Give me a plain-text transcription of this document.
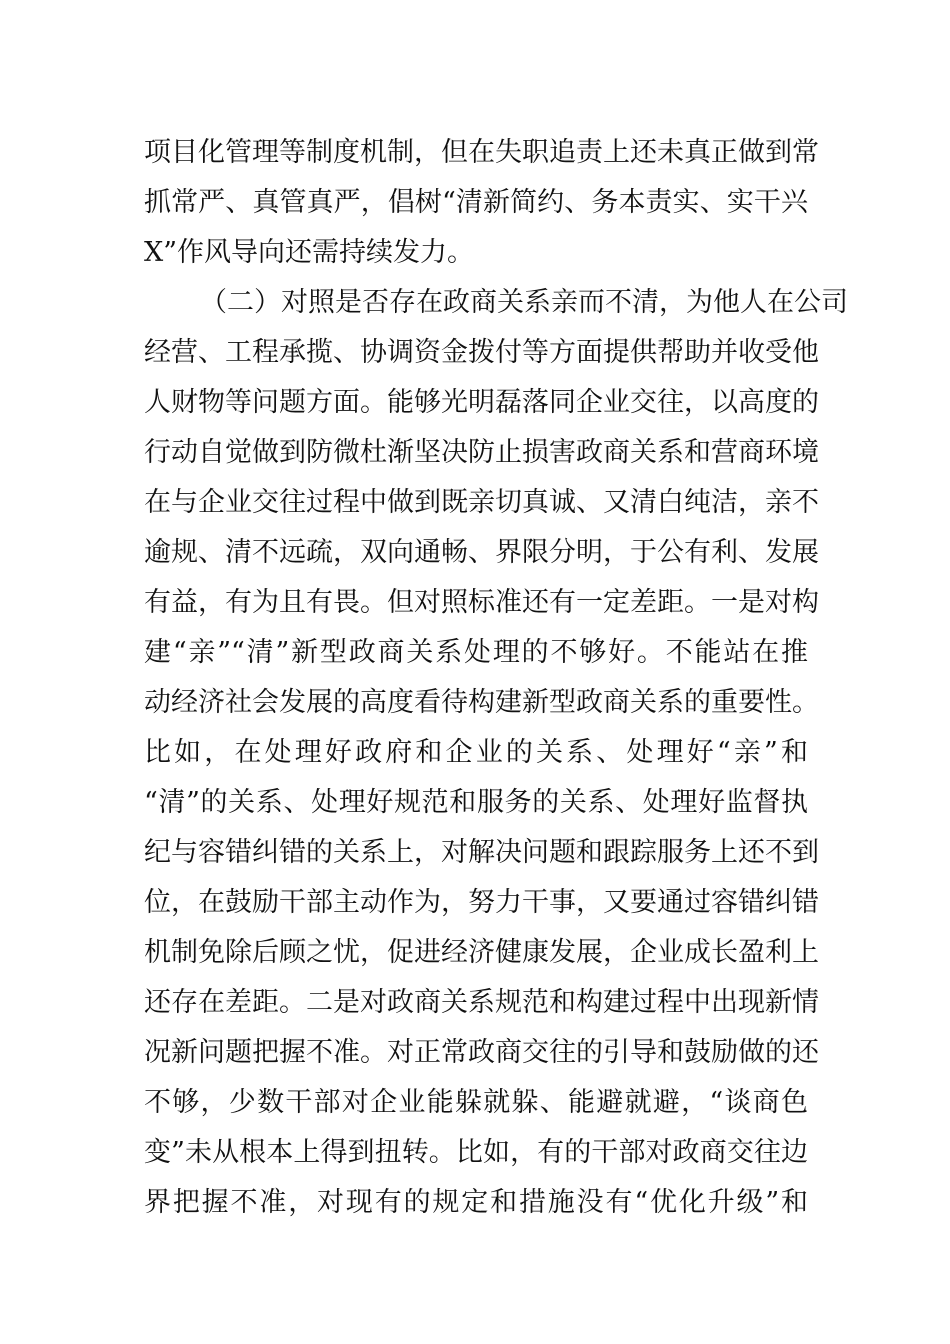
项目化管理等制度机制，但在失职追责上还未真正做到常
抓常严、真管真严，倡树“清新简约、务本责实、实干兴
X”作风导向还需持续发力。
（二）对照是否存在政商关系亲而不清，为他人在公司
经营、工程承揽、协调资金拨付等方面提供帮助并收受他
人财物等问题方面。能够光明磊落同企业交往，以高度的
行动自觉做到防微杜渐坚决防止损害政商关系和营商环境
在与企业交往过程中做到既亲切真诚、又清白纯洁，亲不
逾规、清不远疏，双向通畅、界限分明，于公有利、发展
有益，有为且有畏。但对照标准还有一定差距。一是对构
建“亲”“清”新型政商关系处理的不够好。不能站在推
动经济社会发展的高度看待构建新型政商关系的重要性。
比如，在处理好政府和企业的关系、处理好“亲”和
“清”的关系、处理好规范和服务的关系、处理好监督执
纪与容错纠错的关系上，对解决问题和跟踪服务上还不到
位，在鼓励干部主动作为，努力干事，又要通过容错纠错
机制免除后顾之忧，促进经济健康发展，企业成长盈利上
还存在差距。二是对政商关系规范和构建过程中出现新情
况新问题把握不准。对正常政商交往的引导和鼓励做的还
不够，少数干部对企业能躲就躲、能避就避，“谈商色
变”未从根本上得到扭转。比如，有的干部对政商交往边
界把握不准，对现有的规定和措施没有“优化升级”和
